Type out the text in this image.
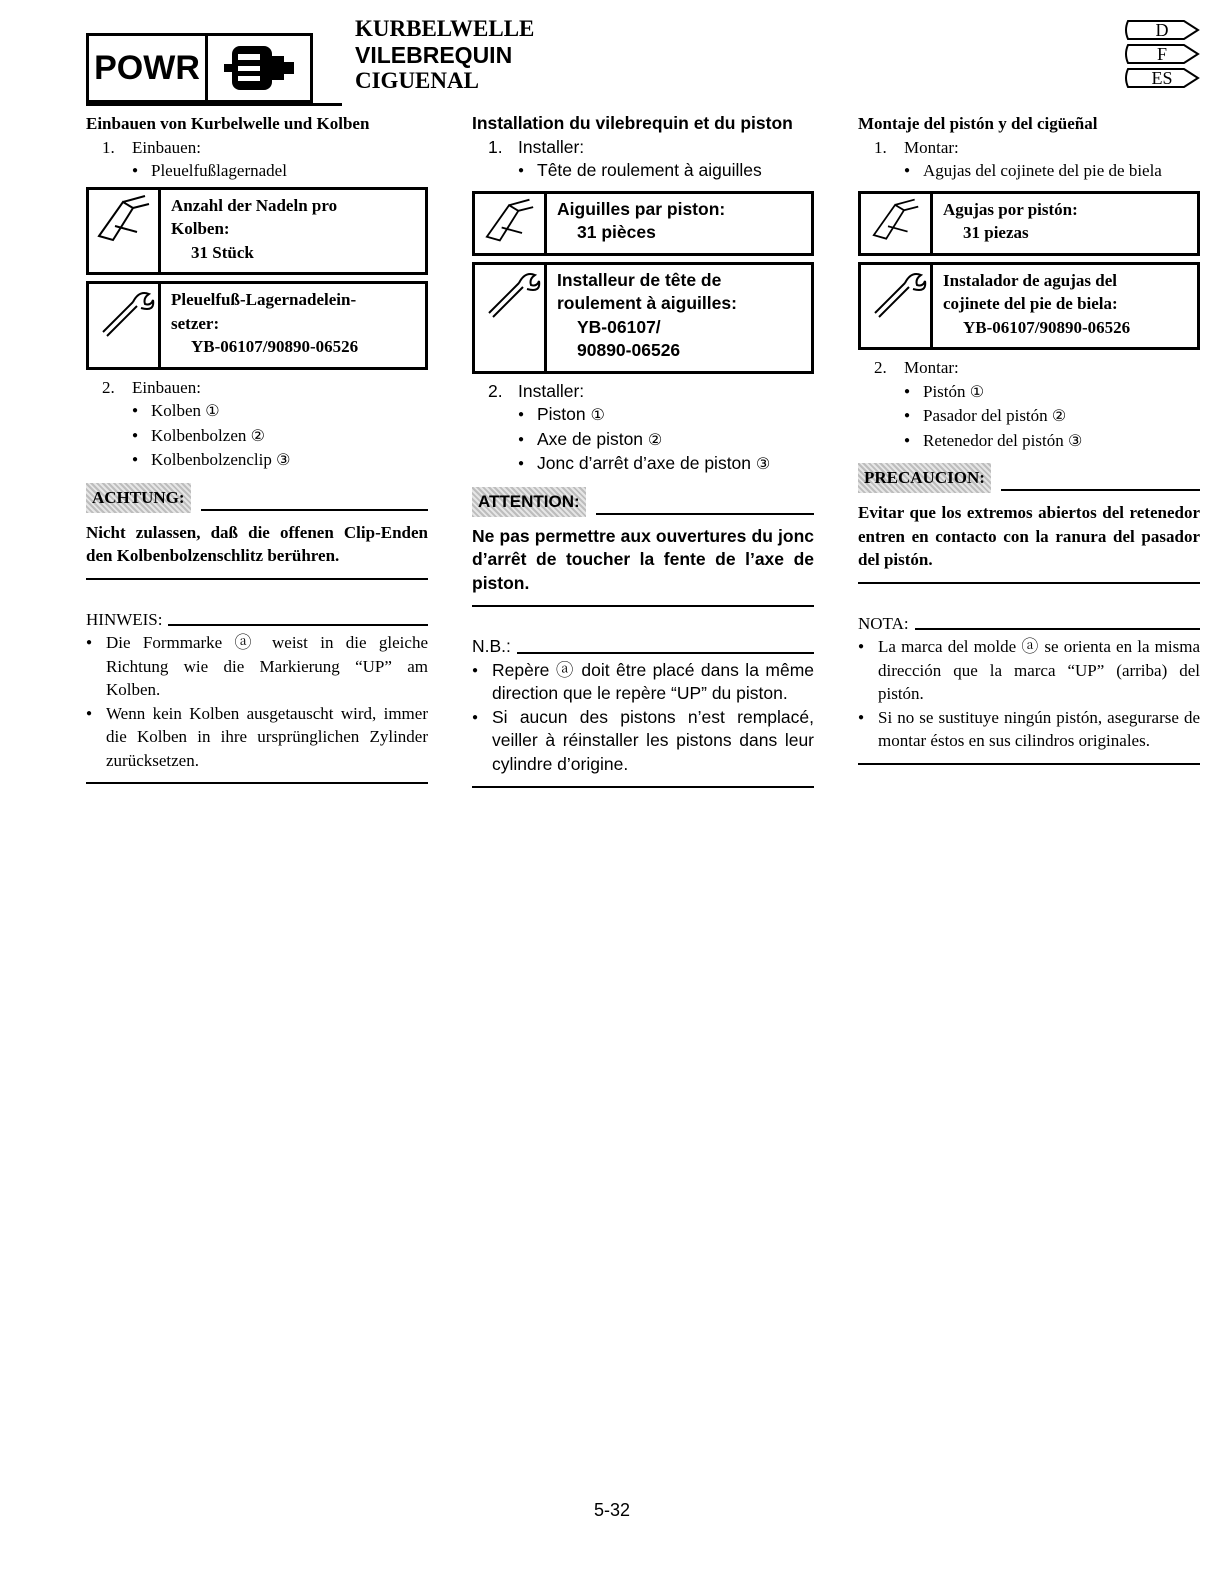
POWR
KURBELWELLE
VILEBREQUIN
CIGUENAL
D
F
ES
Einbauen von Kurbelwelle und Kolben
1. Einbauen:
● Pleuelfußlagernadel
Anzahl der Nadeln pro
Kolben:
31 Stück
Pleuelfuß-Lagernadelein-
setzer:
YB-06107/90890-06526
2. Einbauen:
● Kolben ①
● Kolbenbolzen ②
● Kolbenbolzenclip ③
ACHTUNG:
Nicht zulassen, daß die offenen Clip-Enden den Kolbenbolzenschlitz berühren.
HINWEIS:
● Die Formmarke ⓐ weist in die gleiche Richtung wie die Markierung “UP” am Kolben.
● Wenn kein Kolben ausgetauscht wird, immer die Kolben in ihre ursprünglichen Zylinder zurücksetzen.
Installation du vilebrequin et du piston
1. Installer:
● Tête de roulement à aiguilles
Aiguilles par piston:
31 pièces
Installeur de tête de
roulement à aiguilles:
YB-06107/
90890-06526
2. Installer:
● Piston ①
● Axe de piston ②
● Jonc d’arrêt d’axe de piston ③
ATTENTION:
Ne pas permettre aux ouvertures du jonc d’arrêt de toucher la fente de l’axe de piston.
N.B.:
● Repère ⓐ doit être placé dans la même direction que le repère “UP” du piston.
● Si aucun des pistons n’est remplacé, veiller à réinstaller les pistons dans leur cylindre d’origine.
Montaje del pistón y del cigüeñal
1. Montar:
● Agujas del cojinete del pie de biela
Agujas por pistón:
31 piezas
Instalador de agujas del
cojinete del pie de biela:
YB-06107/90890-06526
2. Montar:
● Pistón ①
● Pasador del pistón ②
● Retenedor del pistón ③
PRECAUCION:
Evitar que los extremos abiertos del retenedor entren en contacto con la ranura del pasador del pistón.
NOTA:
● La marca del molde ⓐ se orienta en la misma dirección que la marca “UP” (arriba) del pistón.
● Si no se sustituye ningún pistón, asegurarse de montar éstos en sus cilindros originales.
5-32
